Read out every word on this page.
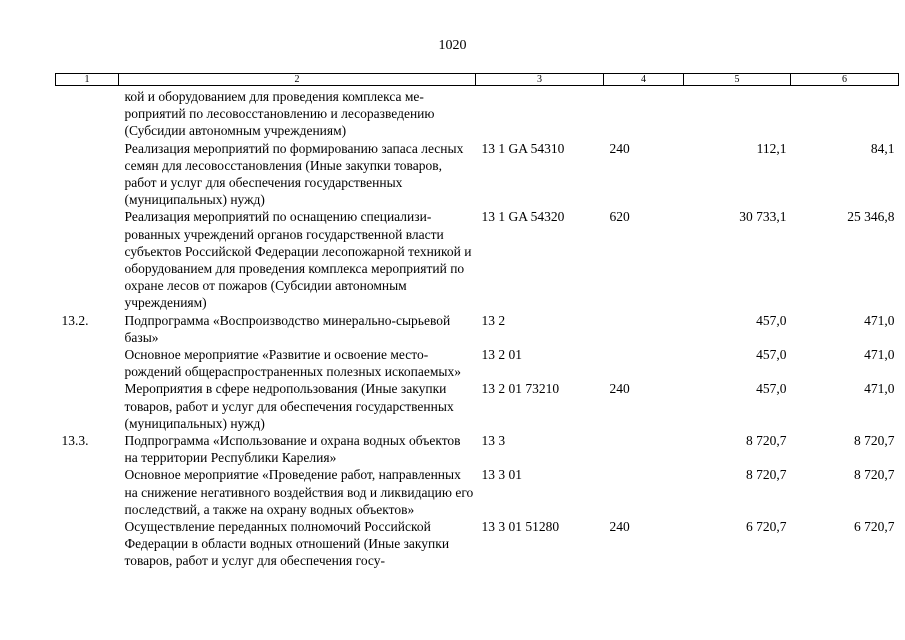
1020
1	2	3	4	5	6
	кой и оборудованием для проведения комплекса мероприятий по лесовосстановлению и лесоразведению (Субсидии автономным учреждениям)				
	Реализация мероприятий по формированию запаса лесных семян для лесовосстановления (Иные закупки товаров, работ и услуг для обеспечения государственных (муниципальных) нужд)	13 1 GA 54310	240	112,1	84,1
	Реализация мероприятий по оснащению специализированных учреждений органов государственной власти субъектов Российской Федерации лесопожарной техникой и оборудованием для проведения комплекса мероприятий по охране лесов от пожаров (Субсидии автономным учреждениям)	13 1 GA 54320	620	30 733,1	25 346,8
13.2.	Подпрограмма «Воспроизводство минерально-сырьевой базы»	13 2		457,0	471,0
	Основное мероприятие «Развитие и освоение месторождений общераспространенных полезных ископаемых»	13 2 01		457,0	471,0
	Мероприятия в сфере недропользования (Иные закупки товаров, работ и услуг для обеспечения государственных (муниципальных) нужд)	13 2 01 73210	240	457,0	471,0
13.3.	Подпрограмма «Использование и охрана водных объектов на территории Республики Карелия»	13 3		8 720,7	8 720,7
	Основное мероприятие «Проведение работ, направленных на снижение негативного воздействия вод и ликвидацию его последствий, а также на охрану водных объектов»	13 3 01		8 720,7	8 720,7
	Осуществление переданных полномочий Российской Федерации в области водных отношений (Иные закупки товаров, работ и услуг для обеспечения госу-	13 3 01 51280	240	6 720,7	6 720,7
